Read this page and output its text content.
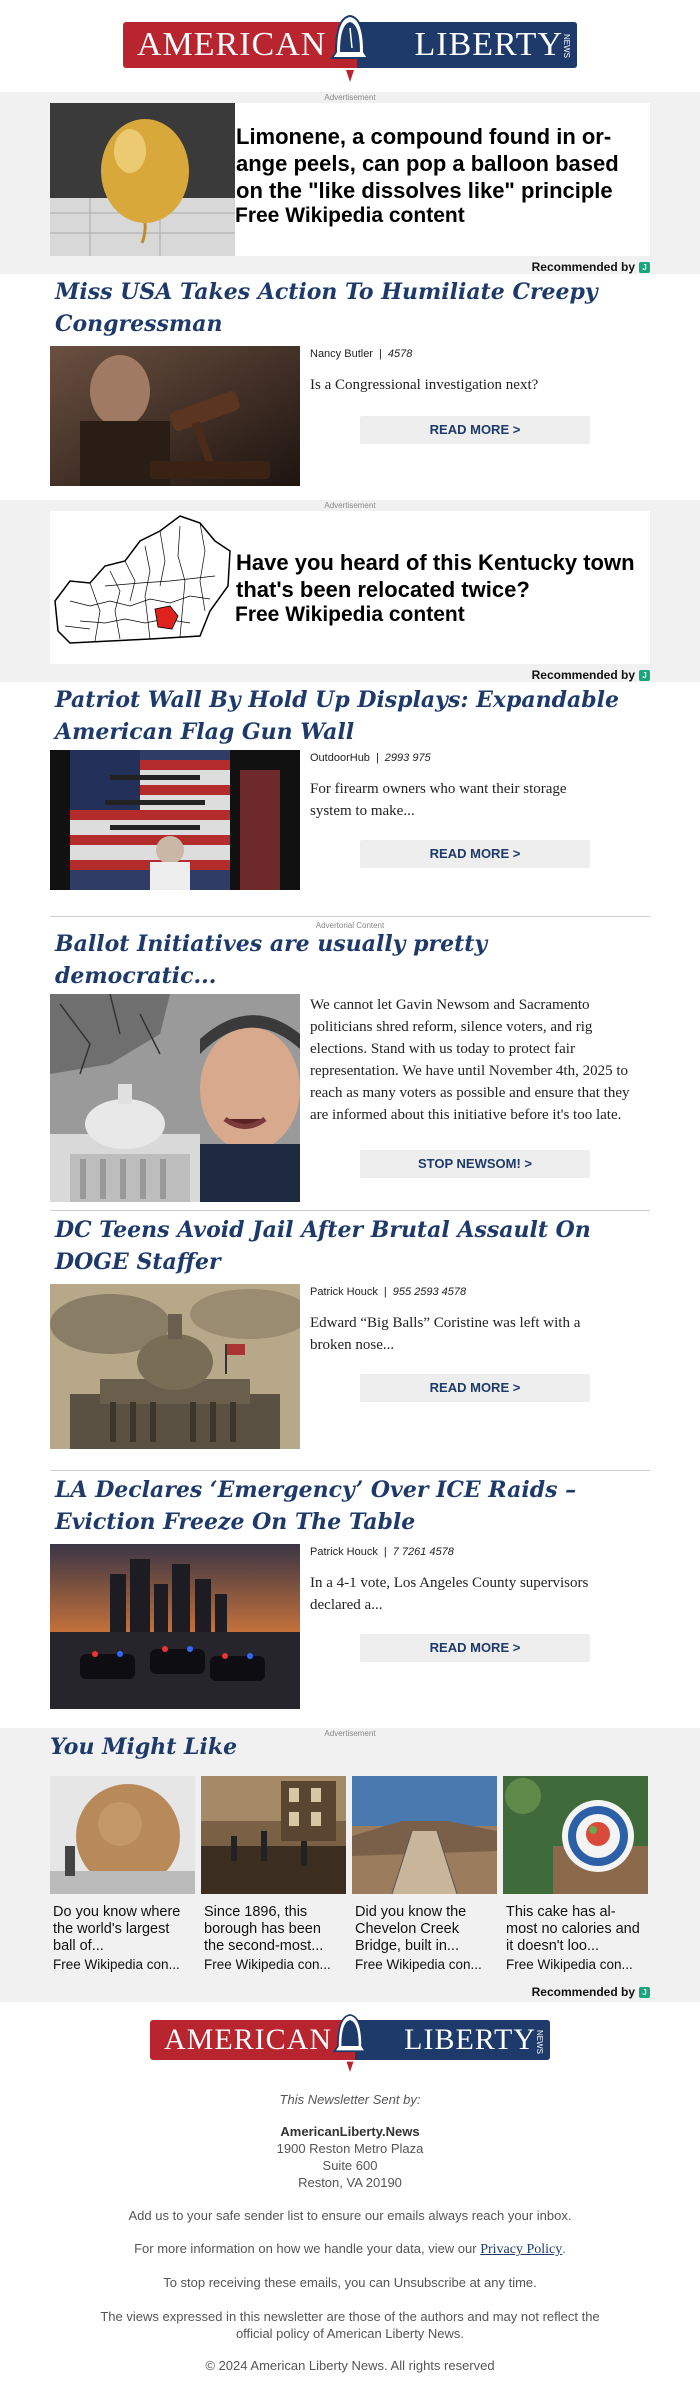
AMERICAN	LIBERTY NEWS
Advertisement
Limonene, a compound found in or-ange peels, can pop a balloon based on the "like dissolves like" principle
Free Wikipedia content
Recommended by J
Miss USA Takes Action To Humiliate Creepy Congressman
Nancy Butler | 4578
Is a Congressional investigation next?
READ MORE >
Advertisement
Have you heard of this Kentucky town that's been relocated twice?
Free Wikipedia content
Recommended by J
Patriot Wall By Hold Up Displays: Expandable American Flag Gun Wall
OutdoorHub | 2993 975
For firearm owners who want their storage system to make...
READ MORE >
Advertorial Content
Ballot Initiatives are usually pretty democratic...
We cannot let Gavin Newsom and Sacramento politicians shred reform, silence voters, and rig elections. Stand with us today to protect fair representation. We have until November 4th, 2025 to reach as many voters as possible and ensure that they are informed about this initiative before it's too late.
STOP NEWSOM! >
DC Teens Avoid Jail After Brutal Assault On DOGE Staffer
Patrick Houck | 955 2593 4578
Edward “Big Balls” Coristine was left with a broken nose...
READ MORE >
LA Declares ‘Emergency’ Over ICE Raids – Eviction Freeze On The Table
Patrick Houck | 7 7261 4578
In a 4-1 vote, Los Angeles County supervisors declared a...
READ MORE >
Advertisement
You Might Like
Do you know where the world's largest ball of...
Free Wikipedia con...
Since 1896, this borough has been the second-most...
Free Wikipedia con...
Did you know the Chevelon Creek Bridge, built in...
Free Wikipedia con...
This cake has al-most no calories and it doesn't loo...
Free Wikipedia con...
Recommended by J
AMERICAN LIBERTY NEWS
This Newsletter Sent by:
AmericanLiberty.News
1900 Reston Metro Plaza
Suite 600
Reston, VA 20190
Add us to your safe sender list to ensure our emails always reach your inbox.
For more information on how we handle your data, view our Privacy Policy.
To stop receiving these emails, you can Unsubscribe at any time.
The views expressed in this newsletter are those of the authors and may not reflect the official policy of American Liberty News.
© 2024 American Liberty News. All rights reserved
